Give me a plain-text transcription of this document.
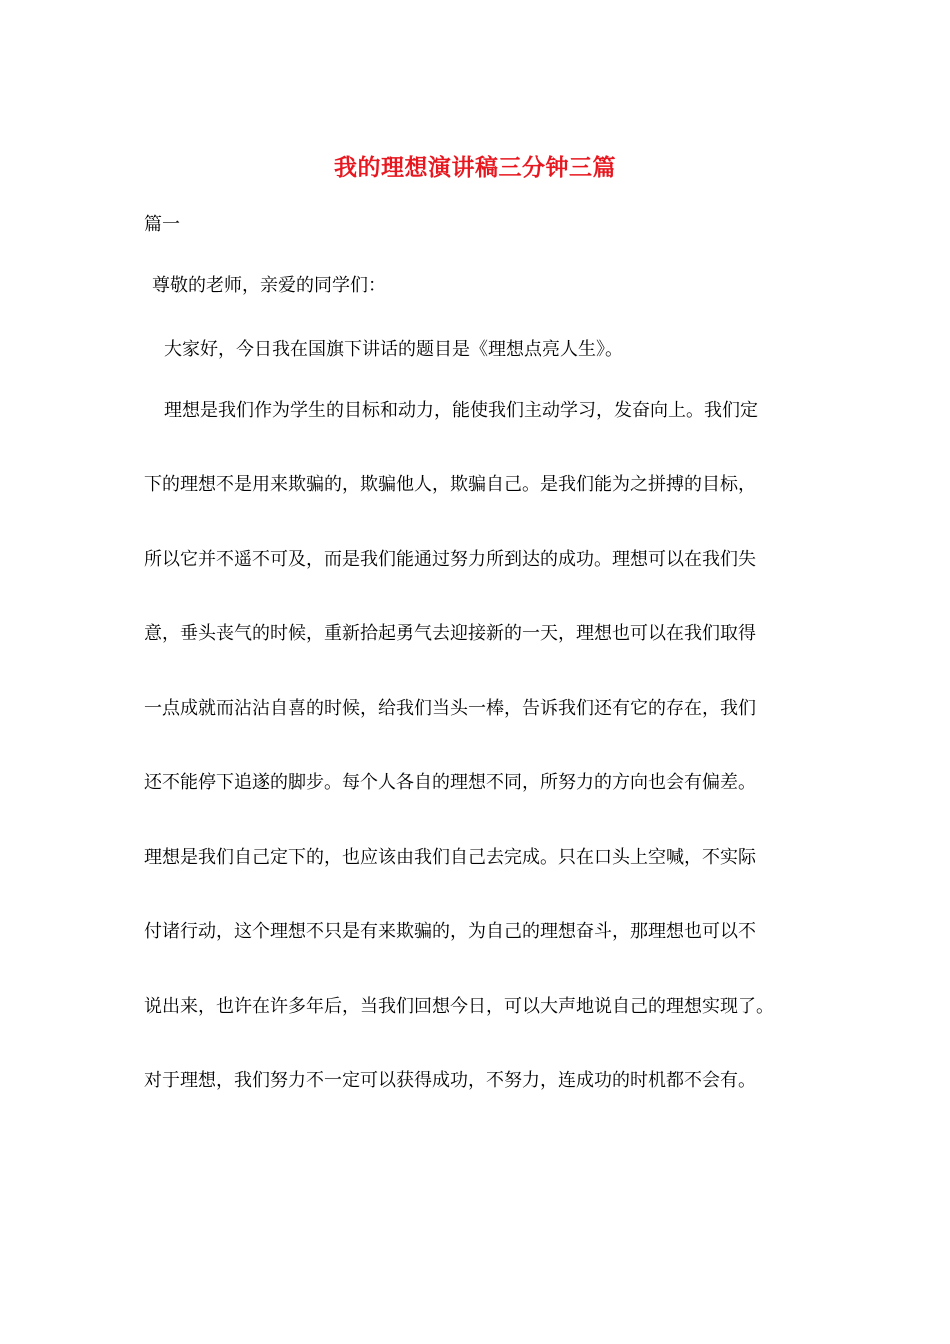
我的理想演讲稿三分钟三篇
篇一
尊敬的老师，亲爱的同学们：
大家好，今日我在国旗下讲话的题目是《理想点亮人生》。
理想是我们作为学生的目标和动力，能使我们主动学习，发奋向上。我们定
下的理想不是用来欺骗的，欺骗他人，欺骗自己。是我们能为之拼搏的目标，
所以它并不遥不可及，而是我们能通过努力所到达的成功。理想可以在我们失
意，垂头丧气的时候，重新拾起勇气去迎接新的一天，理想也可以在我们取得
一点成就而沾沾自喜的时候，给我们当头一棒，告诉我们还有它的存在，我们
还不能停下追遂的脚步。每个人各自的理想不同，所努力的方向也会有偏差。
理想是我们自己定下的，也应该由我们自己去完成。只在口头上空喊，不实际
付诸行动，这个理想不只是有来欺骗的，为自己的理想奋斗，那理想也可以不
说出来，也许在许多年后，当我们回想今日，可以大声地说自己的理想实现了。
对于理想，我们努力不一定可以获得成功，不努力，连成功的时机都不会有。
